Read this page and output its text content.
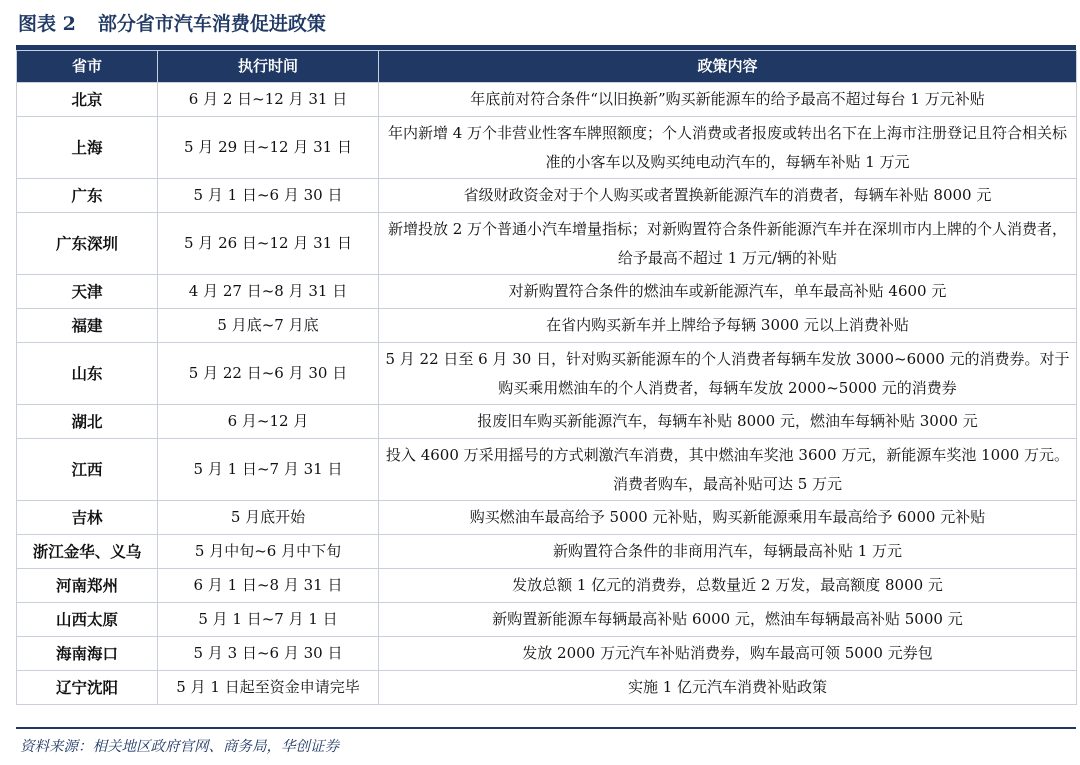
图表 2 部分省市汽车消费促进政策
省市	执行时间	政策内容
北京	6 月 2 日~12 月 31 日	年底前对符合条件“以旧换新”购买新能源车的给予最高不超过每台 1 万元补贴
上海	5 月 29 日~12 月 31 日	年内新增 4 万个非营业性客车牌照额度；个人消费或者报废或转出名下在上海市注册登记且符合相关标准的小客车以及购买纯电动汽车的，每辆车补贴 1 万元
广东	5 月 1 日~6 月 30 日	省级财政资金对于个人购买或者置换新能源汽车的消费者，每辆车补贴 8000 元
广东深圳	5 月 26 日~12 月 31 日	新增投放 2 万个普通小汽车增量指标；对新购置符合条件新能源汽车并在深圳市内上牌的个人消费者，给予最高不超过 1 万元/辆的补贴
天津	4 月 27 日~8 月 31 日	对新购置符合条件的燃油车或新能源汽车，单车最高补贴 4600 元
福建	5 月底~7 月底	在省内购买新车并上牌给予每辆 3000 元以上消费补贴
山东	5 月 22 日~6 月 30 日	5 月 22 日至 6 月 30 日，针对购买新能源车的个人消费者每辆车发放 3000~6000 元的消费券。对于购买乘用燃油车的个人消费者，每辆车发放 2000~5000 元的消费券
湖北	6 月~12 月	报废旧车购买新能源汽车，每辆车补贴 8000 元，燃油车每辆补贴 3000 元
江西	5 月 1 日~7 月 31 日	投入 4600 万采用摇号的方式刺激汽车消费，其中燃油车奖池 3600 万元，新能源车奖池 1000 万元。消费者购车，最高补贴可达 5 万元
吉林	5 月底开始	购买燃油车最高给予 5000 元补贴，购买新能源乘用车最高给予 6000 元补贴
浙江金华、义乌	5 月中旬~6 月中下旬	新购置符合条件的非商用汽车，每辆最高补贴 1 万元
河南郑州	6 月 1 日~8 月 31 日	发放总额 1 亿元的消费券，总数量近 2 万发，最高额度 8000 元
山西太原	5 月 1 日~7 月 1 日	新购置新能源车每辆最高补贴 6000 元，燃油车每辆最高补贴 5000 元
海南海口	5 月 3 日~6 月 30 日	发放 2000 万元汽车补贴消费券，购车最高可领 5000 元券包
辽宁沈阳	5 月 1 日起至资金申请完毕	实施 1 亿元汽车消费补贴政策
资料来源：相关地区政府官网、商务局，华创证券
